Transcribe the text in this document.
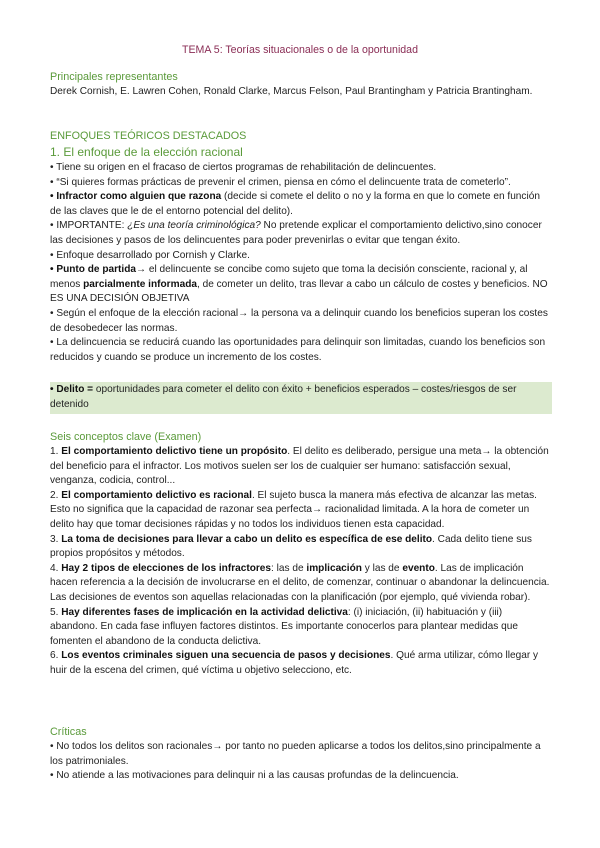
TEMA 5: Teorías situacionales o de la oportunidad
Principales representantes

Derek Cornish, E. Lawren Cohen, Ronald Clarke, Marcus Felson, Paul Brantingham y Patricia Brantingham.

ENFOQUES TEÓRICOS DESTACADOS
1. El enfoque de la elección racional

• Tiene su origen en el fracaso de ciertos programas de rehabilitación de delincuentes.

• “Si quieres formas prácticas de prevenir el crimen, piensa en cómo el delincuente trata de cometerlo”.

• Infractor como alguien que razona (decide si comete el delito o no y la forma en que lo comete en función de las claves que le de el entorno potencial del delito).

• IMPORTANTE: ¿Es una teoría criminológica? No pretende explicar el comportamiento delictivo,sino conocer las decisiones y pasos de los delincuentes para poder prevenirlas o evitar que tengan éxito.

• Enfoque desarrollado por Cornish y Clarke.

• Punto de partida→ el delincuente se concibe como sujeto que toma la decisión consciente, racional y, al menos parcialmente informada, de cometer un delito, tras llevar a cabo un cálculo de costes y beneficios. NO ES UNA DECISIÓN OBJETIVA

• Según el enfoque de la elección racional→ la persona va a delinquir cuando los beneficios superan los costes de desobedecer las normas.

• La delincuencia se reducirá cuando las oportunidades para delinquir son limitadas, cuando los beneficios son reducidos y cuando se produce un incremento de los costes.

• Delito = oportunidades para cometer el delito con éxito + beneficios esperados – costes/riesgos de ser detenido

Seis conceptos clave (Examen)

1. El comportamiento delictivo tiene un propósito. El delito es deliberado, persigue una meta→ la obtención del beneficio para el infractor. Los motivos suelen ser los de cualquier ser humano: satisfacción sexual, venganza, codicia, control...

2. El comportamiento delictivo es racional. El sujeto busca la manera más efectiva de alcanzar las metas. Esto no significa que la capacidad de razonar sea perfecta→ racionalidad limitada. A la hora de cometer un delito hay que tomar decisiones rápidas y no todos los individuos tienen esta capacidad.

3. La toma de decisiones para llevar a cabo un delito es específica de ese delito. Cada delito tiene sus propios propósitos y métodos.

4. Hay 2 tipos de elecciones de los infractores: las de implicación y las de evento. Las de implicación hacen referencia a la decisión de involucrarse en el delito, de comenzar, continuar o abandonar la delincuencia. Las decisiones de eventos son aquellas relacionadas con la planificación (por ejemplo, qué vivienda robar).

5. Hay diferentes fases de implicación en la actividad delictiva: (i) iniciación, (ii) habituación y (iii) abandono. En cada fase influyen factores distintos. Es importante conocerlos para plantear medidas que fomenten el abandono de la conducta delictiva.

6. Los eventos criminales siguen una secuencia de pasos y decisiones. Qué arma utilizar, cómo llegar y huir de la escena del crimen, qué víctima u objetivo selecciono, etc.

Críticas

• No todos los delitos son racionales→ por tanto no pueden aplicarse a todos los delitos,sino principalmente a los patrimoniales.

• No atiende a las motivaciones para delinquir ni a las causas profundas de la delincuencia.
